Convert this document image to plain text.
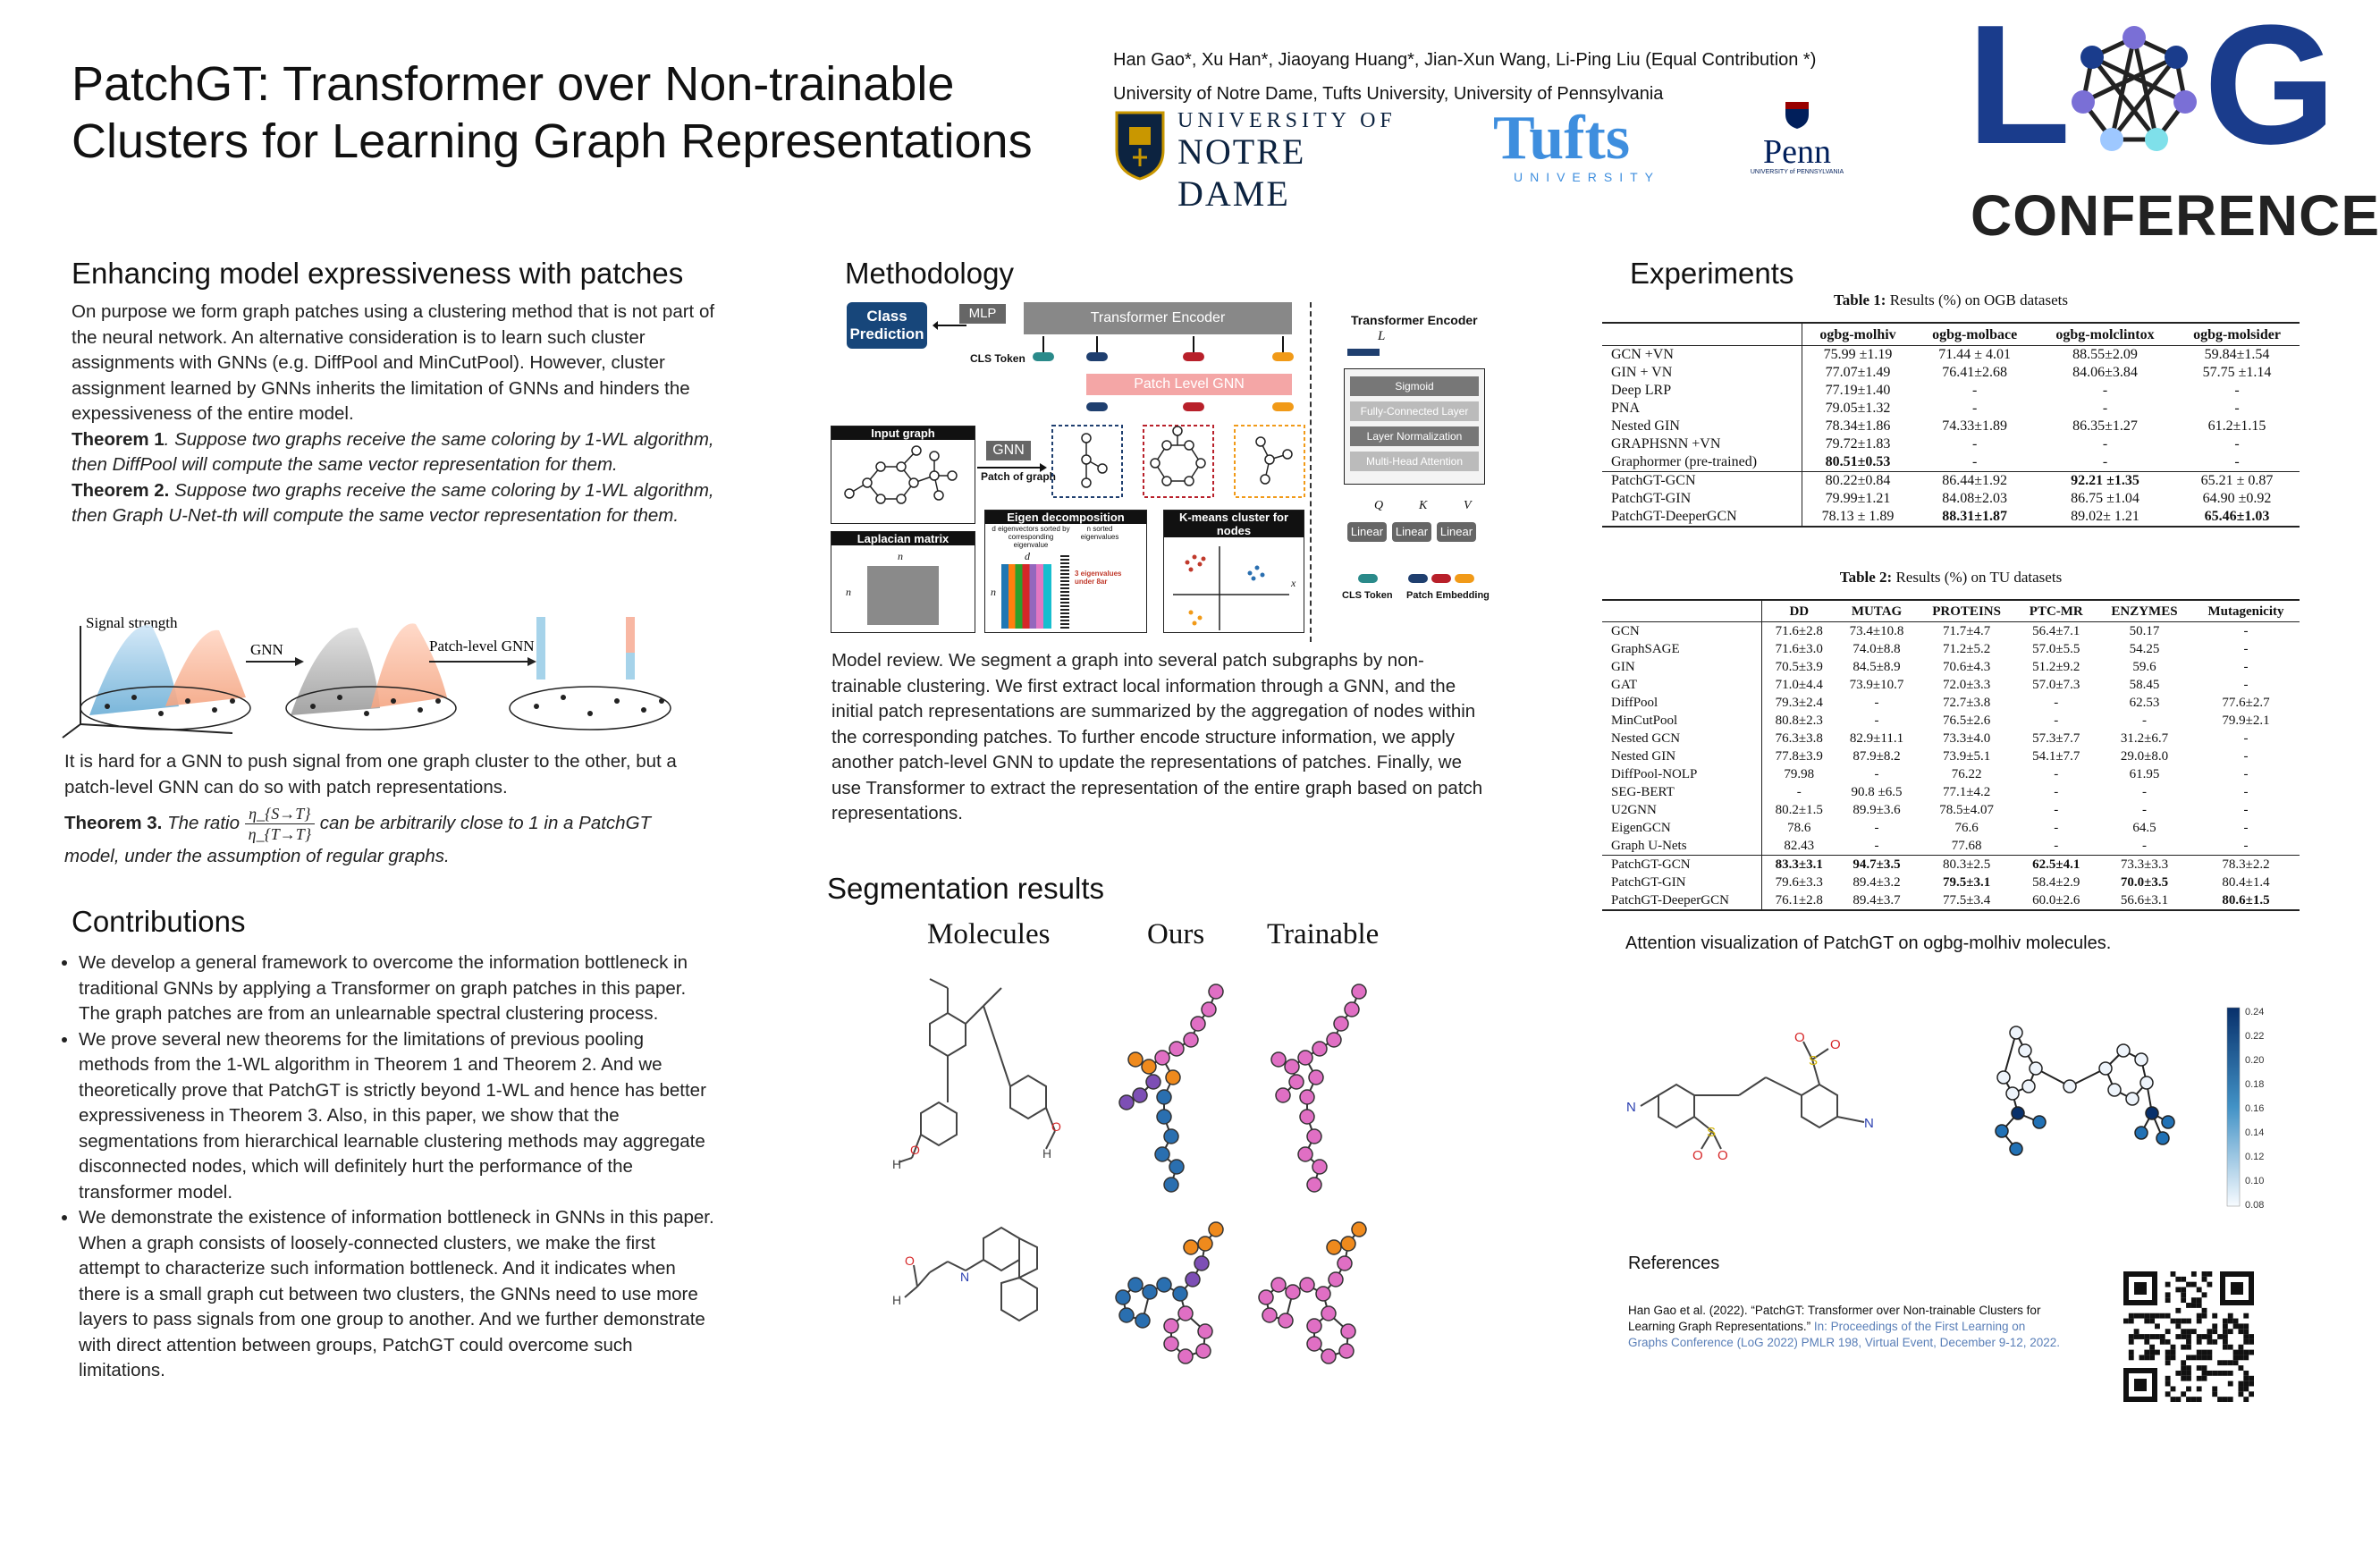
PatchGT: Transformer over Non-trainable
Clusters for Learning Graph Representations
Han Gao*, Xu Han*, Jiaoyang Huang*, Jian-Xun Wang, Li-Ping Liu (Equal Contribution *)
University of Notre Dame, Tufts University, University of Pennsylvania
UNIVERSITY OF
NOTRE DAME
Tufts
UNIVERSITY
Penn
UNIVERSITY of PENNSYLVANIA L G
CONFERENCE
Enhancing model expressiveness with patches
On purpose we form graph patches using a clustering method that is not part of the neural network. An alternative consideration is to learn such cluster assignments with GNNs (e.g. DiffPool and MinCutPool). However, cluster assignment learned by GNNs inherits the limitation of GNNs and hinders the expessiveness of the entire model.
Theorem 1. Suppose two graphs receive the same coloring by 1-WL algorithm, then DiffPool will compute the same vector representation for them.
Theorem 2. Suppose two graphs receive the same coloring by 1-WL algorithm, then Graph U-Net-th will compute the same vector representation for them.
Signal strength
GNN	Patch-level GNN
It is hard for a GNN to push signal from one graph cluster to the other, but a patch-level GNN can do so with patch representations.
Theorem 3. The ratio $\frac{\eta\_\{S\to T\}}{\eta\_\{T\to T\}}$ can be arbitrarily close to 1 in a PatchGT
model, under the assumption of regular graphs.
Contributions
• We develop a general framework to overcome the information bottleneck in traditional GNNs by applying a Transformer on graph patches in this paper. The graph patches are from an unlearnable spectral clustering process.
• We prove several new theorems for the limitations of previous pooling methods from the 1-WL algorithm in Theorem 1 and Theorem 2. And we theoretically prove that PatchGT is strictly beyond 1-WL and hence has better expressiveness in Theorem 3. Also, in this paper, we show that the segmentations from hierarchical learnable clustering methods may aggregate disconnected nodes, which will definitely hurt the performance of the transformer model.
• We demonstrate the existence of information bottleneck in GNNs in this paper. When a graph consists of loosely-connected clusters, we make the first attempt to characterize such information bottleneck. And it indicates when there is a small graph cut between two clusters, the GNNs need to use more layers to pass signals from one group to another. And we further demonstrate with direct attention between groups, PatchGT could overcome such limitations.
Methodology
Class Prediction
MLP	Transformer Encoder
CLS Token
Patch Level GNN
Input graph
GNN
Patch of graph
Laplacian matrix
n
n
Eigen decomposition
d eigenvectors sorted by corresponding eigenvalue
d
n sorted eigenvalues
n
3 eigenvalues under 8ar
K-means cluster for nodes
x
Transformer Encoder
L
Sigmoid
Fully-Connected Layer
Layer Normalization
Multi-Head Attention
Q	K	V
Linear	Linear	Linear
CLS Token Patch Embedding
Model review. We segment a graph into several patch subgraphs by non-trainable clustering. We first extract local information through a GNN, and the initial patch representations are summarized by the aggregation of nodes within the corresponding patches. To further encode structure information, we apply another patch-level GNN to update the representations of patches. Finally, we use Transformer to extract the representation of the entire graph based on patch representations.
Segmentation results
Molecules	Ours Trainable
H
O
O
H
N
O
H
Experiments
Table 1: Results (%) on OGB datasets
	ogbg-molhiv	ogbg-molbace	ogbg-molclintox	ogbg-molsider
GCN +VN	75.99 ±1.19	71.44 ± 4.01	88.55±2.09	59.84±1.54
GIN + VN	77.07±1.49	76.41±2.68	84.06±3.84	57.75 ±1.14
Deep LRP	77.19±1.40	-	-	-
PNA	79.05±1.32	-	-	-
Nested GIN	78.34±1.86	74.33±1.89	86.35±1.27	61.2±1.15
GRAPHSNN +VN	79.72±1.83	-	-	-
Graphormer (pre-trained)	80.51±0.53	-	-	-
PatchGT-GCN	80.22±0.84	86.44±1.92	92.21 ±1.35	65.21 ± 0.87
PatchGT-GIN	79.99±1.21	84.08±2.03	86.75 ±1.04	64.90 ±0.92
PatchGT-DeeperGCN	78.13 ± 1.89	88.31±1.87	89.02± 1.21	65.46±1.03
Table 2: Results (%) on TU datasets
	DD	MUTAG	PROTEINS	PTC-MR	ENZYMES	Mutagenicity
GCN	71.6±2.8	73.4±10.8	71.7±4.7	56.4±7.1	50.17	-
GraphSAGE	71.6±3.0	74.0±8.8	71.2±5.2	57.0±5.5	54.25	-
GIN	70.5±3.9	84.5±8.9	70.6±4.3	51.2±9.2	59.6	-
GAT	71.0±4.4	73.9±10.7	72.0±3.3	57.0±7.3	58.45	-
DiffPool	79.3±2.4	-	72.7±3.8	-	62.53	77.6±2.7
MinCutPool	80.8±2.3	-	76.5±2.6	-	-	79.9±2.1
Nested GCN	76.3±3.8	82.9±11.1	73.3±4.0	57.3±7.7	31.2±6.7	-
Nested GIN	77.8±3.9	87.9±8.2	73.9±5.1	54.1±7.7	29.0±8.0	-
DiffPool-NOLP	79.98	-	76.22	-	61.95	-
SEG-BERT	-	90.8 ±6.5	77.1±4.2	-	-	-
U2GNN	80.2±1.5	89.9±3.6	78.5±4.07	-	-	-
EigenGCN	78.6	-	76.6	-	64.5	-
Graph U-Nets	82.43	-	77.68	-	-	-
PatchGT-GCN	83.3±3.1	94.7±3.5	80.3±2.5	62.5±4.1	73.3±3.3	78.3±2.2
PatchGT-GIN	79.6±3.3	89.4±3.2	79.5±3.1	58.4±2.9	70.0±3.5	80.4±1.4
PatchGT-DeeperGCN	76.1±2.8	89.4±3.7	77.5±3.4	60.0±2.6	56.6±3.1	80.6±1.5
Attention visualization of PatchGT on ogbg-molhiv molecules.
N
N
S
S
O O
O
O
0.24
0.22
0.20
0.18
0.16
0.14
0.12
0.10
0.08
References
Han Gao et al. (2022). “PatchGT: Transformer over Non-trainable Clusters for Learning Graph Representations.” In: Proceedings of the First Learning on Graphs Conference (LoG 2022) PMLR 198, Virtual Event, December 9-12, 2022.
